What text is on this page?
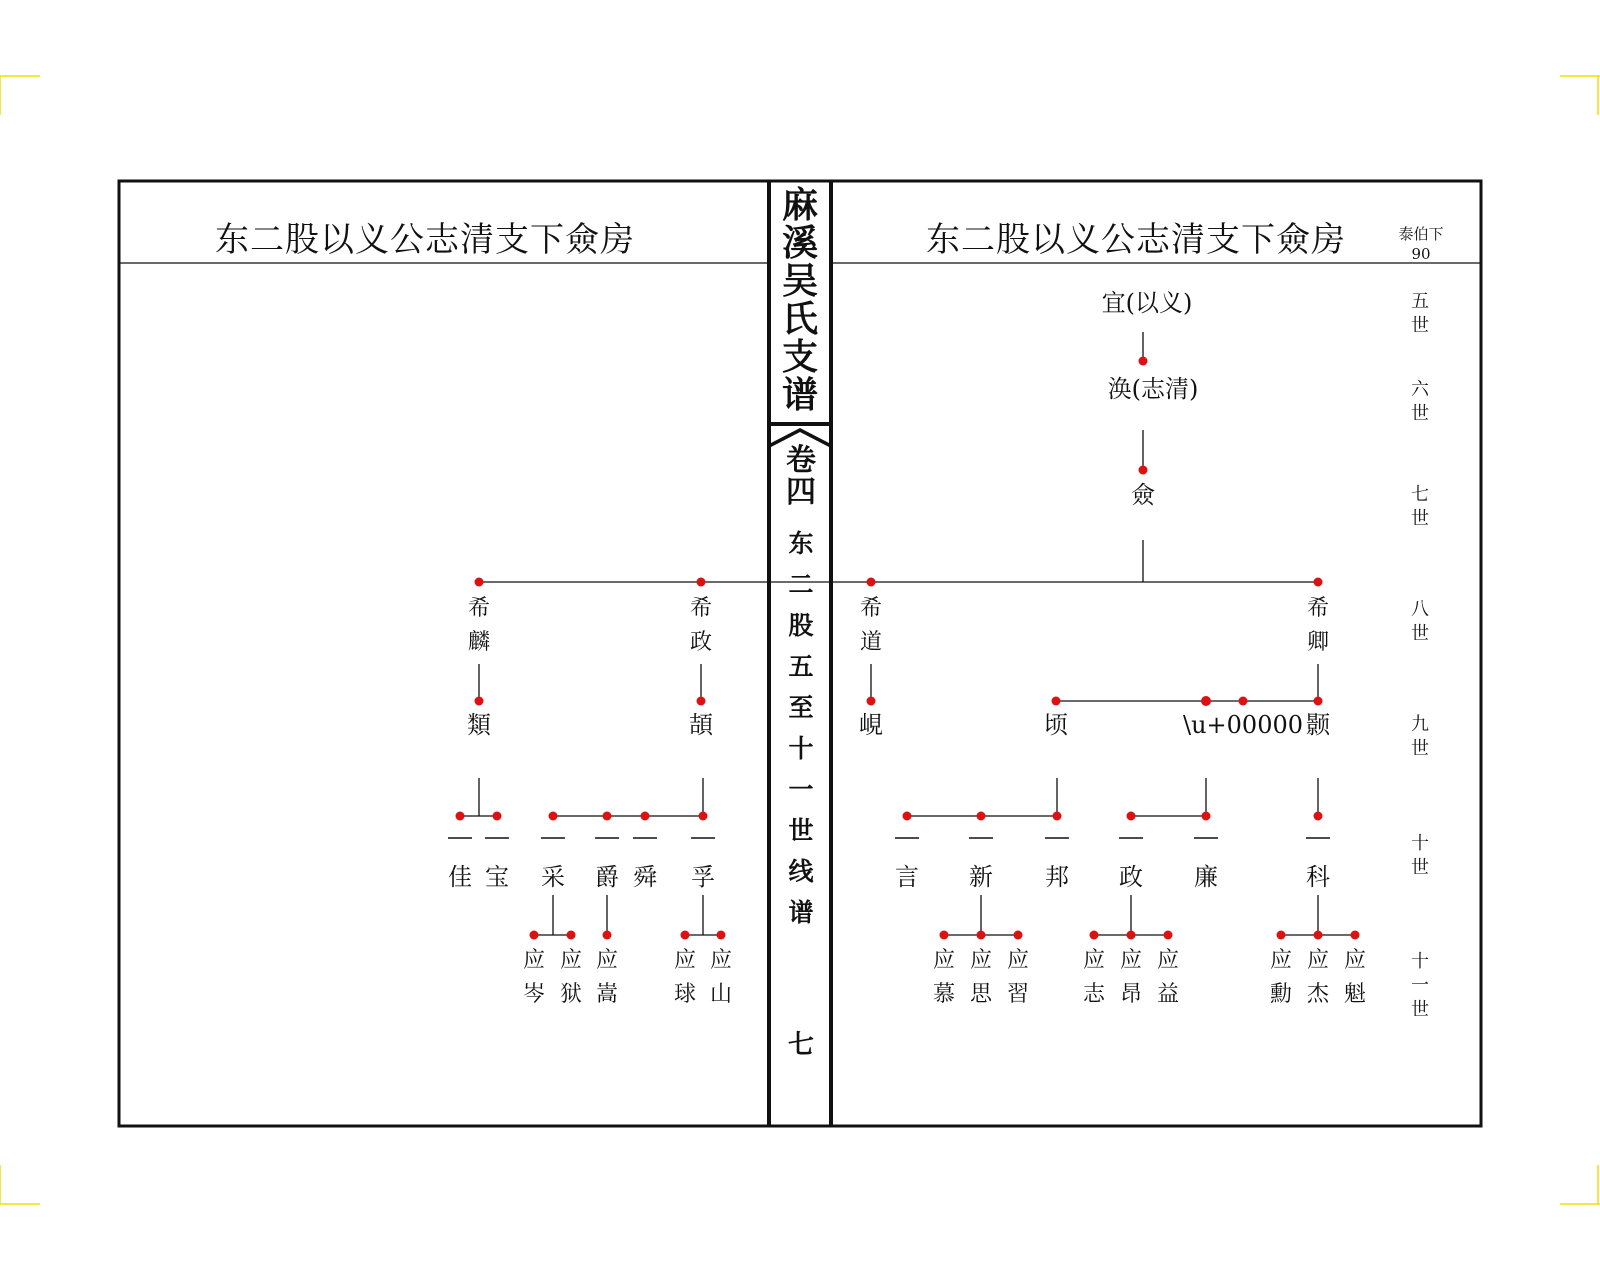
麻
溪
吴
氏
支
谱
卷
四
东
二
股
五
至
十
一
世
线
谱
七
东二股以义公志清支下僉房	东二股以义公志清支下僉房	泰伯下
90
五
世
六
世
七
世
八
世
九
世
十
世
十
一
世
宜(以义)
涣(志清)
僉
希
麟
希
政
希
道
希
卿
類	頡	峴	顷	\u+00000 颢
佳 宝 采 爵 舜 孚	言 新 邦 政 廉	科
应
岑
应
狱
应
嵩
应
球
应
山
应
慕
应
思
应
習
应
志
应
昂
应
益
应
勳
应
杰
应
魁
